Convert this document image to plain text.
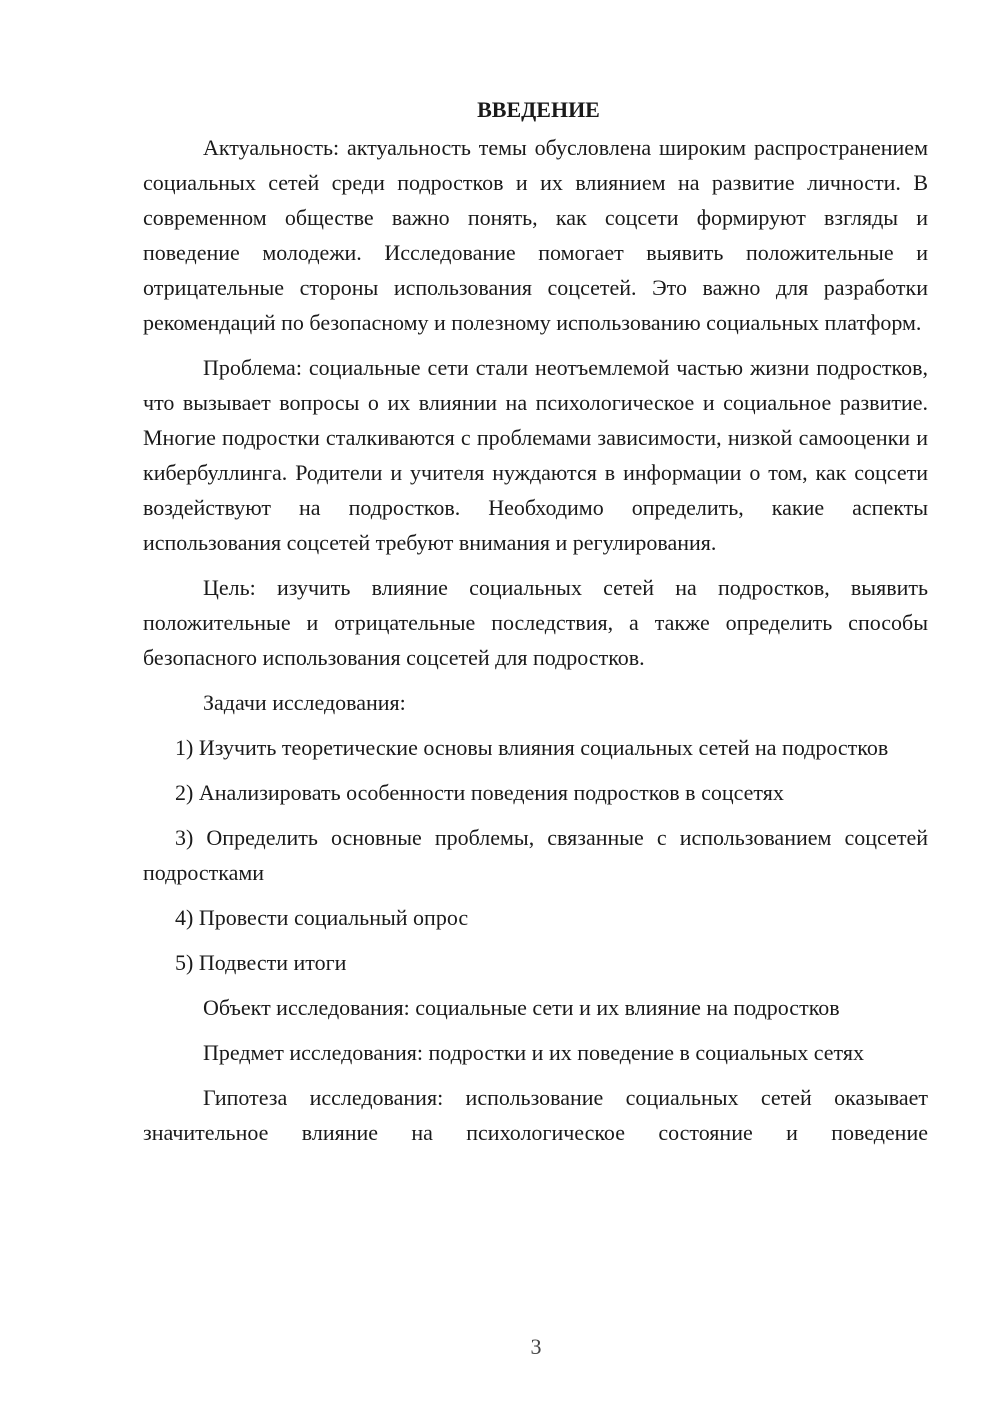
ВВЕДЕНИЕ

Актуальность: актуальность темы обусловлена широким распространением социальных сетей среди подростков и их влиянием на развитие личности. В современном обществе важно понять, как соцсети формируют взгляды и поведение молодежи. Исследование помогает выявить положительные и отрицательные стороны использования соцсетей. Это важно для разработки рекомендаций по безопасному и полезному использованию социальных платформ.

Проблема: социальные сети стали неотъемлемой частью жизни подростков, что вызывает вопросы о их влиянии на психологическое и социальное развитие. Многие подростки сталкиваются с проблемами зависимости, низкой самооценки и кибербуллинга. Родители и учителя нуждаются в информации о том, как соцсети воздействуют на подростков. Необходимо определить, какие аспекты использования соцсетей требуют внимания и регулирования.

Цель: изучить влияние социальных сетей на подростков, выявить положительные и отрицательные последствия, а также определить способы безопасного использования соцсетей для подростков.

Задачи исследования:

1) Изучить теоретические основы влияния социальных сетей на подростков

2) Анализировать особенности поведения подростков в соцсетях

3) Определить основные проблемы, связанные с использованием соцсетей подростками

4) Провести социальный опрос

5) Подвести итоги

Объект исследования: социальные сети и их влияние на подростков

Предмет исследования: подростки и их поведение в социальных сетях

Гипотеза исследования: использование социальных сетей оказывает значительное влияние на психологическое состояние и поведение

3
